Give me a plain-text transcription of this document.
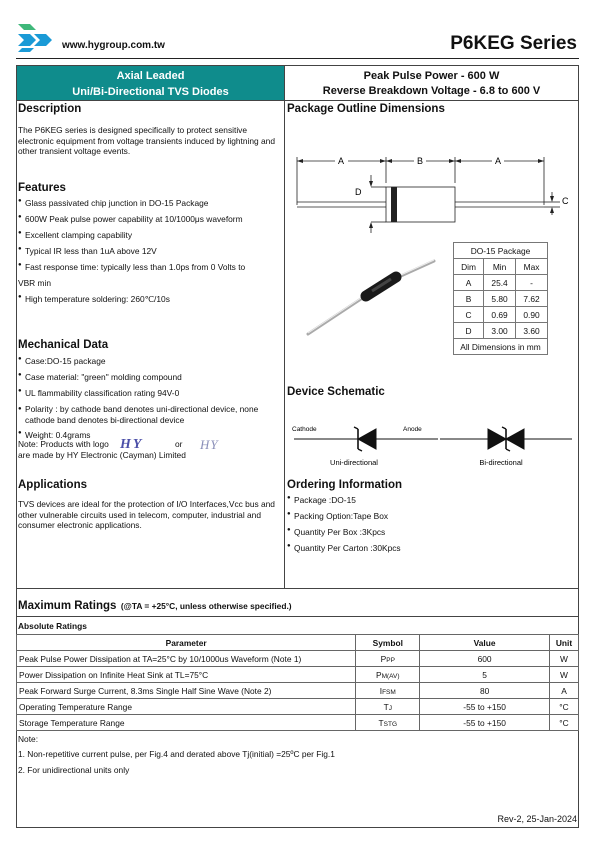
www.hygroup.com.tw	P6KEG Series
Axial Leaded
Uni/Bi-Directional TVS Diodes
Peak Pulse Power - 600 W
Reverse Breakdown Voltage - 6.8 to 600 V
Description
The P6KEG series is designed specifically to protect sensitive electronic equipment from voltage transients induced by lightning and other transient voltage events.
Features
● Glass passivated chip junction in DO-15 Package
● 600W Peak pulse power capability at 10/1000μs waveform
● Excellent clamping capability
● Typical IR less than 1uA above 12V
● Fast response time: typically less than 1.0ps from 0 Volts to
VBR min
● High temperature soldering: 260℃/10s
Mechanical Data
● Case:DO-15 package
● Case material: "green" molding compound
● UL flammability classification rating 94V-0
● Polarity : by cathode band denotes uni-directional device, none cathode band denotes bi-directional device
● Weight: 0.4grams
Note: Products with logo HY	or HY
are made by HY Electronic (Cayman) Limited
Applications
TVS devices are ideal for the protection of I/O Interfaces,Vcc bus and other vulnerable circuits used in telecom, computer, industrial and consumer electronic applications.
Package Outline Dimensions
A	B	A
C
D
DO-15 Package		
Dim	Min	Max
A	25.4	-
B	5.80	7.62
C	0.69	0.90
D	3.00	3.60
All Dimensions in mm		
Device Schematic
Cathode	Anode
Uni-directional	Bi-directional
Ordering Information
● Package :DO-15
● Packing Option:Tape Box
● Quantity Per Box :3Kpcs
● Quantity Per Carton :30Kpcs
Maximum Ratings (@TA = +25°C, unless otherwise specified.)
Absolute Ratings
Parameter	Symbol	Value	Unit
Peak Pulse Power Dissipation at TA=25°C by 10/1000us Waveform (Note 1)	PPP	600	W
Power Dissipation on Infinite Heat Sink at TL=75°C	PM(AV)	5	W
Peak Forward Surge Current, 8.3ms Single Half Sine Wave (Note 2)	IFSM	80	A
Operating Temperature Range	TJ	-55 to +150	°C
Storage Temperature Range	TSTG	-55 to +150	°C
Note:
1. Non-repetitive current pulse, per Fig.4 and derated above Tj(initial) =25ºC per Fig.1
2. For unidirectional units only
Rev-2, 25-Jan-2024
